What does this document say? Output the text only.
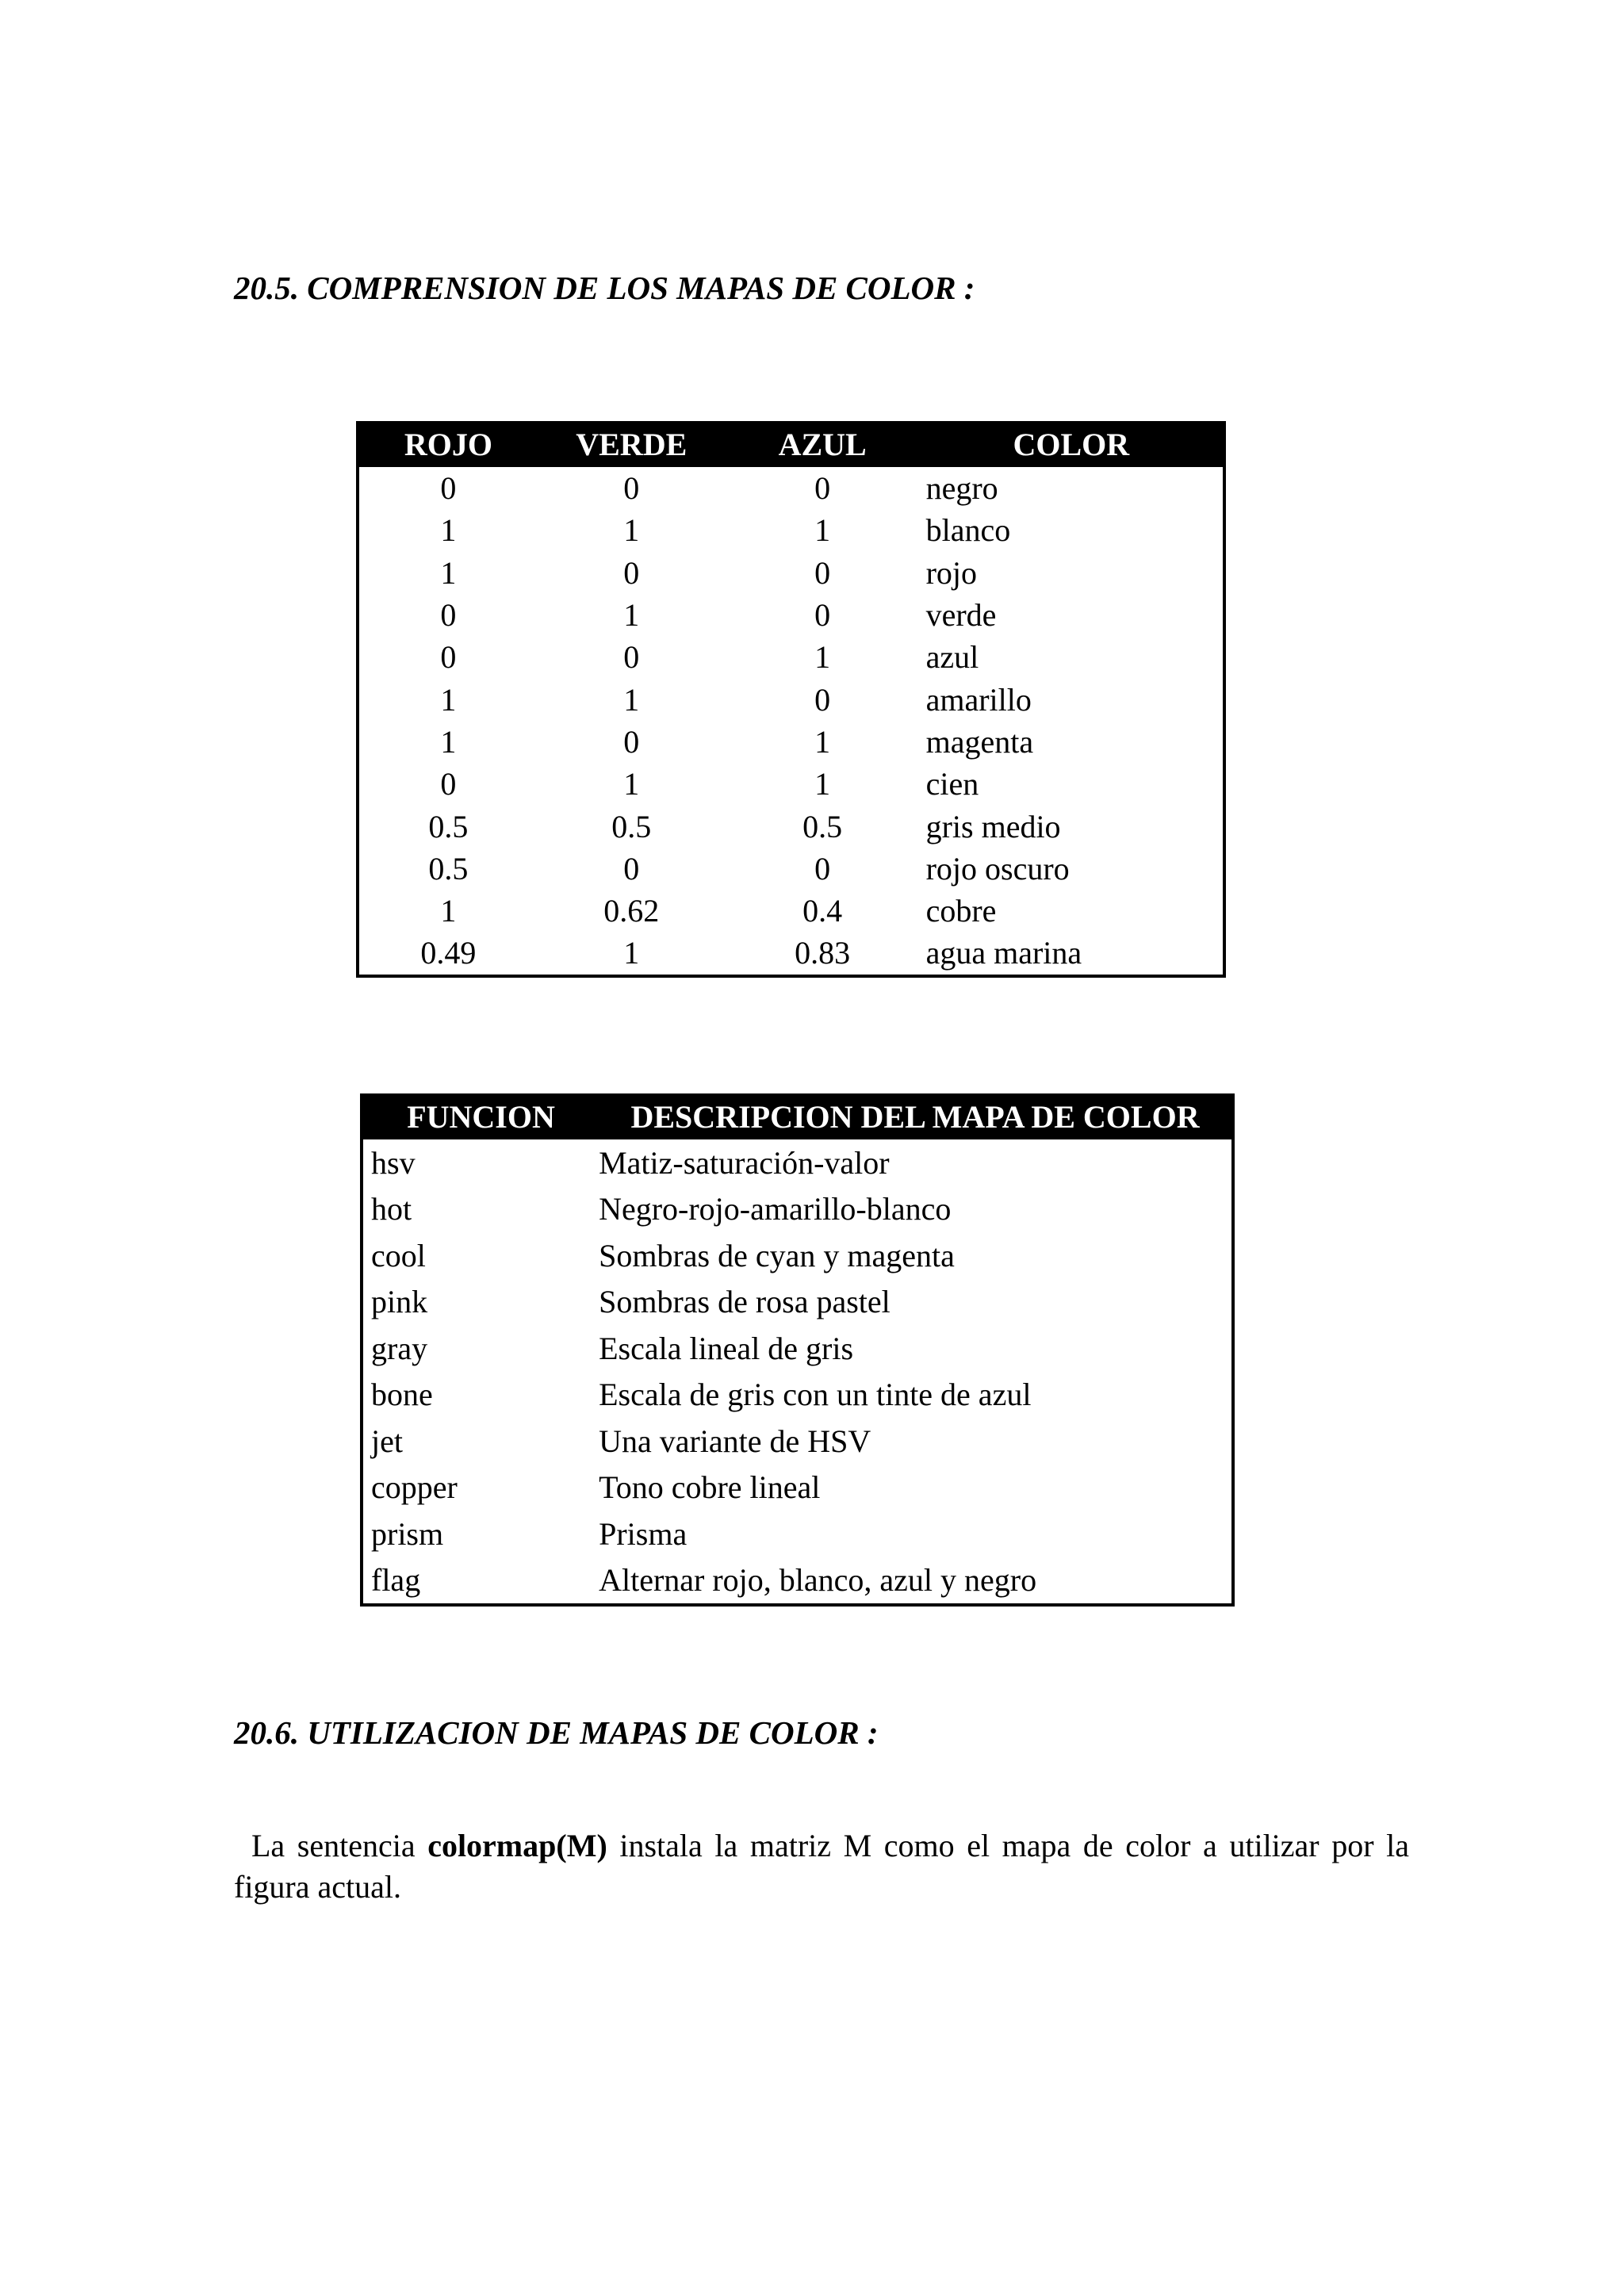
20.5. COMPRENSION DE LOS MAPAS DE COLOR :
ROJO	VERDE	AZUL	COLOR
0	0	0	negro
1	1	1	blanco
1	0	0	rojo
0	1	0	verde
0	0	1	azul
1	1	0	amarillo
1	0	1	magenta
0	1	1	cien
0.5	0.5	0.5	gris medio
0.5	0	0	rojo oscuro
1	0.62	0.4	cobre
0.49	1	0.83	agua marina
FUNCION	DESCRIPCION DEL MAPA DE COLOR
hsv	Matiz-saturación-valor
hot	Negro-rojo-amarillo-blanco
cool	Sombras de cyan y magenta
pink	Sombras de rosa pastel
gray	Escala lineal de gris
bone	Escala de gris con un tinte de azul
jet	Una variante de HSV
copper	Tono cobre lineal
prism	Prisma
flag	Alternar rojo, blanco, azul y negro
20.6. UTILIZACION DE MAPAS DE COLOR :

La sentencia colormap(M) instala la matriz M como el mapa de color a utilizar por la figura actual.
